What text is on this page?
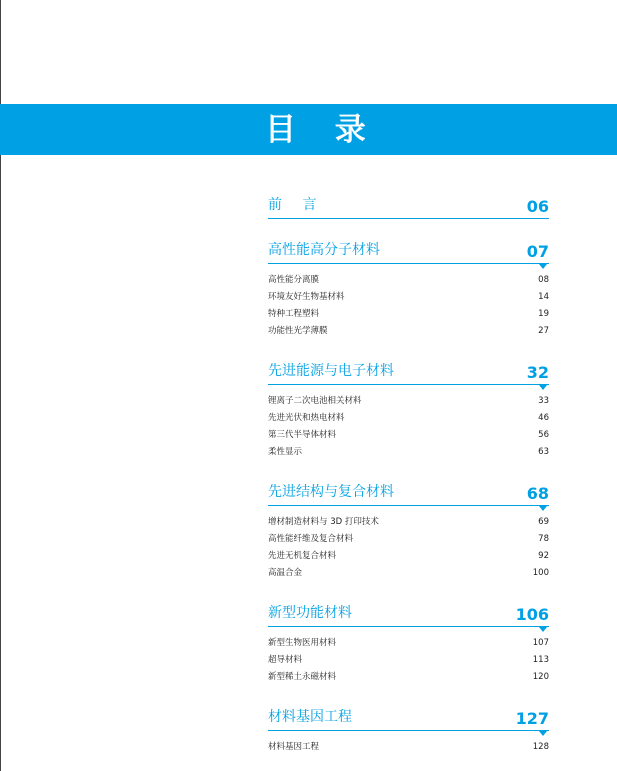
目 录
前 言	06
高性能高分子材料	07
高性能分离膜	08
环境友好生物基材料	14
特种工程塑料	19
功能性光学薄膜	27
先进能源与电子材料	32
锂离子二次电池相关材料	33
先进光伏和热电材料	46
第三代半导体材料	56
柔性显示	63
先进结构与复合材料	68
增材制造材料与 3D 打印技术	69
高性能纤维及复合材料	78
先进无机复合材料	92
高温合金	100
新型功能材料	106
新型生物医用材料	107
超导材料	113
新型稀土永磁材料	120
材料基因工程	127
材料基因工程	128
